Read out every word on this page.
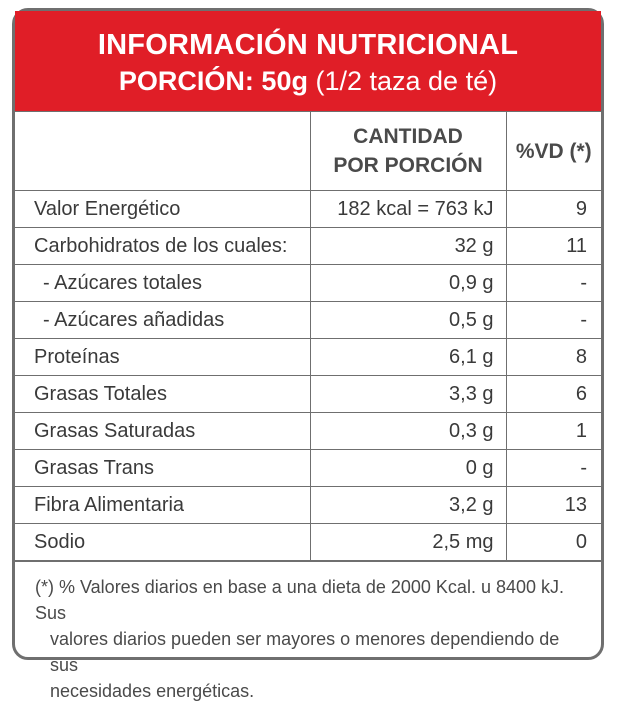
INFORMACIÓN NUTRICIONAL
PORCIÓN: 50g (1/2 taza de té)

	CANTIDAD
POR PORCIÓN	%VD (*)
Valor Energético	182 kcal = 763 kJ	9
Carbohidratos de los cuales:	32 g	11
- Azúcares totales	0,9 g	-
- Azúcares añadidas	0,5 g	-
Proteínas	6,1 g	8
Grasas Totales	3,3 g	6
Grasas Saturadas	0,3 g	1
Grasas Trans	0 g	-
Fibra Alimentaria	3,2 g	13
Sodio	2,5 mg	0
(*) % Valores diarios en base a una dieta de 2000 Kcal. u 8400 kJ. Sus
valores diarios pueden ser mayores o menores dependiendo de sus
necesidades energéticas.
